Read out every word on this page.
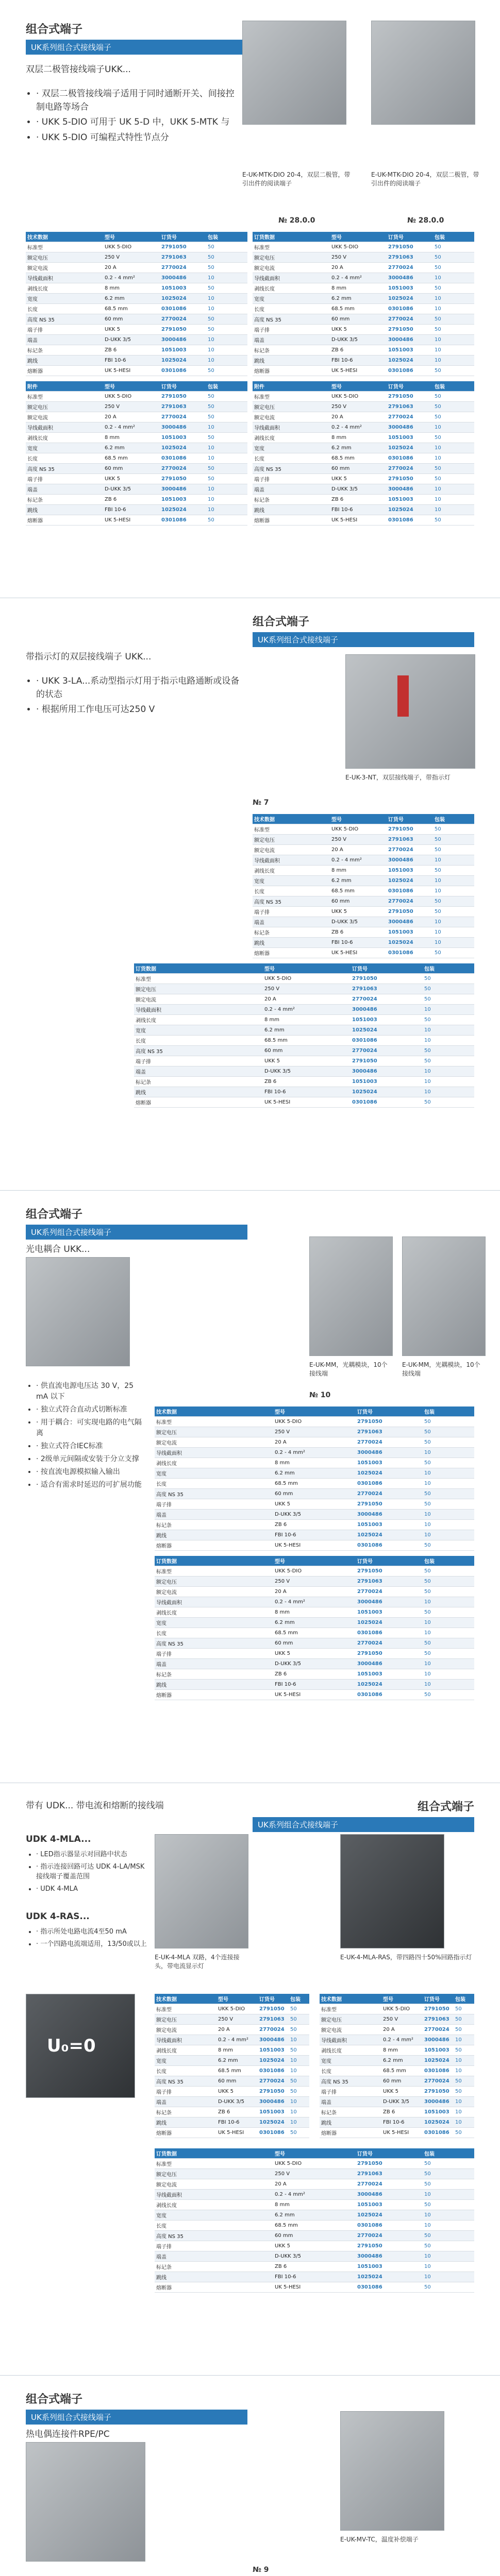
组合式端子
UK系列组合式接线端子
双层二极管接线端子UKK...
• · 双层二极管接线端子适用于同时通断开关、间接控制电路等场合
• · UKK 5-DIO 可用于 UK 5-D 中，UKK 5-MTK 与
• · UKK 5-DIO 可编程式特性节点分
E-UK-MTK-DIO 20-4，双层二极管，带引出件的阅读端子
E-UK-MTK-DIO 20-4，双层二极管，带引出件的阅读端子
№ 28.0.0	№ 28.0.0
技术数据	型号	订货号	包装
标准型	UKK 5-DIO	2791050	50
额定电压	250 V	2791063	50
额定电流	20 A	2770024	50
导线截面积	0.2 - 4 mm²	3000486	10
剥线长度	8 mm	1051003	50
宽度	6.2 mm	1025024	10
长度	68.5 mm	0301086	10
高度 NS 35	60 mm	2770024	50
端子排	UKK 5	2791050	50
端盖	D-UKK 3/5	3000486	10
标记条	ZB 6	1051003	10
跳线	FBI 10-6	1025024	10
熔断器	UK 5-HESI	0301086	50
订货数据	型号	订货号	包装
标准型	UKK 5-DIO	2791050	50
额定电压	250 V	2791063	50
额定电流	20 A	2770024	50
导线截面积	0.2 - 4 mm²	3000486	10
剥线长度	8 mm	1051003	50
宽度	6.2 mm	1025024	10
长度	68.5 mm	0301086	10
高度 NS 35	60 mm	2770024	50
端子排	UKK 5	2791050	50
端盖	D-UKK 3/5	3000486	10
标记条	ZB 6	1051003	10
跳线	FBI 10-6	1025024	10
熔断器	UK 5-HESI	0301086	50
附件	型号	订货号	包装
标准型	UKK 5-DIO	2791050	50
额定电压	250 V	2791063	50
额定电流	20 A	2770024	50
导线截面积	0.2 - 4 mm²	3000486	10
剥线长度	8 mm	1051003	50
宽度	6.2 mm	1025024	10
长度	68.5 mm	0301086	10
高度 NS 35	60 mm	2770024	50
端子排	UKK 5	2791050	50
端盖	D-UKK 3/5	3000486	10
标记条	ZB 6	1051003	10
跳线	FBI 10-6	1025024	10
熔断器	UK 5-HESI	0301086	50
附件	型号	订货号	包装
标准型	UKK 5-DIO	2791050	50
额定电压	250 V	2791063	50
额定电流	20 A	2770024	50
导线截面积	0.2 - 4 mm²	3000486	10
剥线长度	8 mm	1051003	50
宽度	6.2 mm	1025024	10
长度	68.5 mm	0301086	10
高度 NS 35	60 mm	2770024	50
端子排	UKK 5	2791050	50
端盖	D-UKK 3/5	3000486	10
标记条	ZB 6	1051003	10
跳线	FBI 10-6	1025024	10
熔断器	UK 5-HESI	0301086	50
组合式端子
UK系列组合式接线端子
带指示灯的双层接线端子 UKK...
• · UKK 3-LA...系动型指示灯用于指示电路通断或设备的状态
• · 根据所用工作电压可达250 V
E-UK-3-NT，双层接线端子，带指示灯
№ 7
技术数据	型号	订货号	包装
标准型	UKK 5-DIO	2791050	50
额定电压	250 V	2791063	50
额定电流	20 A	2770024	50
导线截面积	0.2 - 4 mm²	3000486	10
剥线长度	8 mm	1051003	50
宽度	6.2 mm	1025024	10
长度	68.5 mm	0301086	10
高度 NS 35	60 mm	2770024	50
端子排	UKK 5	2791050	50
端盖	D-UKK 3/5	3000486	10
标记条	ZB 6	1051003	10
跳线	FBI 10-6	1025024	10
熔断器	UK 5-HESI	0301086	50
订货数据	型号	订货号	包装
标准型	UKK 5-DIO	2791050	50
额定电压	250 V	2791063	50
额定电流	20 A	2770024	50
导线截面积	0.2 - 4 mm²	3000486	10
剥线长度	8 mm	1051003	50
宽度	6.2 mm	1025024	10
长度	68.5 mm	0301086	10
高度 NS 35	60 mm	2770024	50
端子排	UKK 5	2791050	50
端盖	D-UKK 3/5	3000486	10
标记条	ZB 6	1051003	10
跳线	FBI 10-6	1025024	10
熔断器	UK 5-HESI	0301086	50
组合式端子
UK系列组合式接线端子
光电耦合 UKK...
• · 供直流电源电压达 30 V，25 mA 以下
• · 独立式符合直动式切断标准
• · 用于耦合：可实现电路的电气隔离
• · 独立式符合IEC标准
• · 2级单元间隔或安装于分立支撑
• · 按直流电源模拟输入输出
• · 适合有需求时延迟的可扩展功能
E-UK-MM，光耦模块，10个接线端
E-UK-MM，光耦模块，10个接线端
№ 10
技术数据	型号	订货号	包装
标准型	UKK 5-DIO	2791050	50
额定电压	250 V	2791063	50
额定电流	20 A	2770024	50
导线截面积	0.2 - 4 mm²	3000486	10
剥线长度	8 mm	1051003	50
宽度	6.2 mm	1025024	10
长度	68.5 mm	0301086	10
高度 NS 35	60 mm	2770024	50
端子排	UKK 5	2791050	50
端盖	D-UKK 3/5	3000486	10
标记条	ZB 6	1051003	10
跳线	FBI 10-6	1025024	10
熔断器	UK 5-HESI	0301086	50
订货数据	型号	订货号	包装
标准型	UKK 5-DIO	2791050	50
额定电压	250 V	2791063	50
额定电流	20 A	2770024	50
导线截面积	0.2 - 4 mm²	3000486	10
剥线长度	8 mm	1051003	50
宽度	6.2 mm	1025024	10
长度	68.5 mm	0301086	10
高度 NS 35	60 mm	2770024	50
端子排	UKK 5	2791050	50
端盖	D-UKK 3/5	3000486	10
标记条	ZB 6	1051003	10
跳线	FBI 10-6	1025024	10
熔断器	UK 5-HESI	0301086	50
组合式端子
UK系列组合式接线端子
带有 UDK... 带电流和熔断的接线端
UDK 4-MLA...
• · LED指示器显示对回路中状态
• · 指示连接回路可达 UDK 4-LA/MSK 接线端子覆盖范围
• · UDK 4-MLA
UDK 4-RAS...
• · 指示所处电路电流4至50 mA
• · 一个四路电流端适用，13/50或以上
E-UK-4-MLA 双路，4个连接接头，带电流显示灯
E-UK-4-MLA-RAS，带四路四十50%回路指示灯
U₀=0
技术数据	型号	订货号	包装
标准型	UKK 5-DIO	2791050	50
额定电压	250 V	2791063	50
额定电流	20 A	2770024	50
导线截面积	0.2 - 4 mm²	3000486	10
剥线长度	8 mm	1051003	50
宽度	6.2 mm	1025024	10
长度	68.5 mm	0301086	10
高度 NS 35	60 mm	2770024	50
端子排	UKK 5	2791050	50
端盖	D-UKK 3/5	3000486	10
标记条	ZB 6	1051003	10
跳线	FBI 10-6	1025024	10
熔断器	UK 5-HESI	0301086	50
技术数据	型号	订货号	包装
标准型	UKK 5-DIO	2791050	50
额定电压	250 V	2791063	50
额定电流	20 A	2770024	50
导线截面积	0.2 - 4 mm²	3000486	10
剥线长度	8 mm	1051003	50
宽度	6.2 mm	1025024	10
长度	68.5 mm	0301086	10
高度 NS 35	60 mm	2770024	50
端子排	UKK 5	2791050	50
端盖	D-UKK 3/5	3000486	10
标记条	ZB 6	1051003	10
跳线	FBI 10-6	1025024	10
熔断器	UK 5-HESI	0301086	50
订货数据	型号	订货号	包装
标准型	UKK 5-DIO	2791050	50
额定电压	250 V	2791063	50
额定电流	20 A	2770024	50
导线截面积	0.2 - 4 mm²	3000486	10
剥线长度	8 mm	1051003	50
宽度	6.2 mm	1025024	10
长度	68.5 mm	0301086	10
高度 NS 35	60 mm	2770024	50
端子排	UKK 5	2791050	50
端盖	D-UKK 3/5	3000486	10
标记条	ZB 6	1051003	10
跳线	FBI 10-6	1025024	10
熔断器	UK 5-HESI	0301086	50
组合式端子
UK系列组合式接线端子
热电偶连接件RPE/PC
E-UK-MV-TC，温度补偿端子
№ 9
